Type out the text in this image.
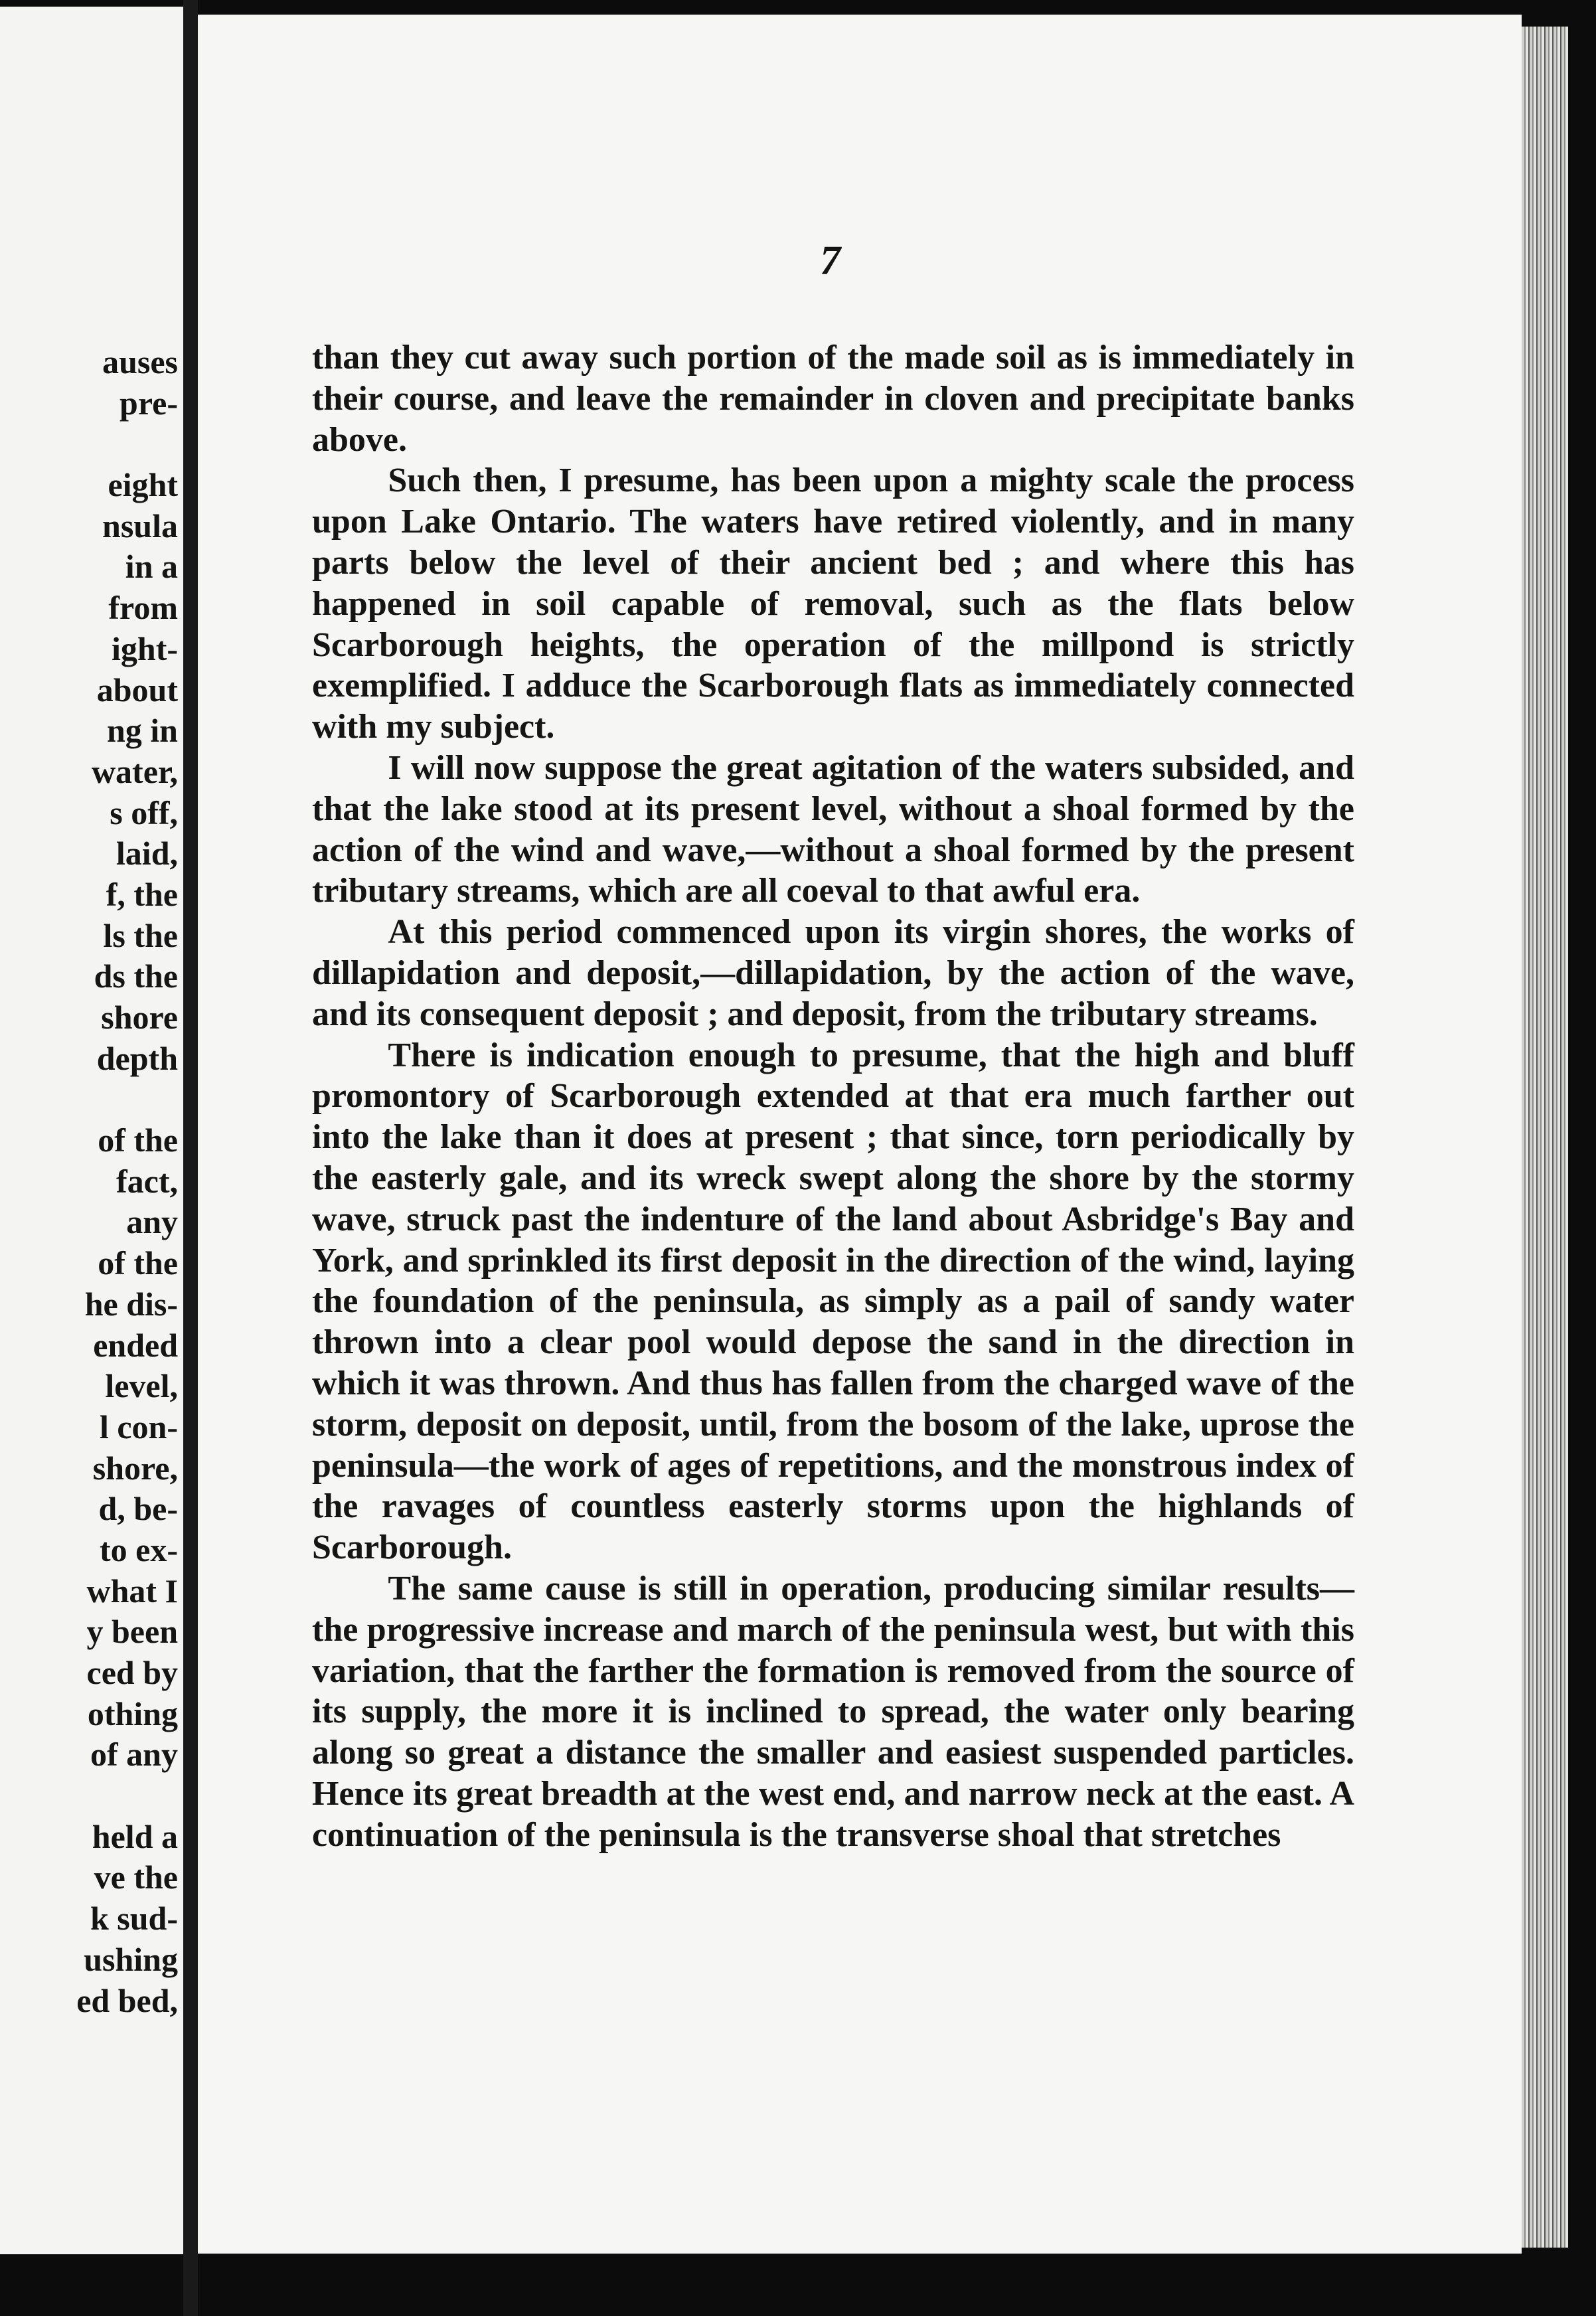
auses
pre-
eight
nsula
in a
from
ight-
about
ng in
water,
s off,
laid,
f, the
ls the
ds the
shore
depth
of the
fact,
any
of the
he dis-
ended
level,
l con-
shore,
d, be-
to ex-
what I
y been
ced by
othing
of any
held a
ve the
k sud-
ushing
ed bed,
7

than they cut away such portion of the made soil as is immediately in their course, and leave the remainder in cloven and precipitate banks above.

Such then, I presume, has been upon a mighty scale the process upon Lake Ontario. The waters have retired violently, and in many parts below the level of their ancient bed ; and where this has happened in soil capable of removal, such as the flats below Scarborough heights, the operation of the millpond is strictly exemplified. I adduce the Scarborough flats as immediately connected with my subject.

I will now suppose the great agitation of the waters subsided, and that the lake stood at its present level, without a shoal formed by the action of the wind and wave,—without a shoal formed by the present tributary streams, which are all coeval to that awful era.

At this period commenced upon its virgin shores, the works of dillapidation and deposit,—dillapidation, by the action of the wave, and its consequent deposit ; and deposit, from the tributary streams.

There is indication enough to presume, that the high and bluff promontory of Scarborough extended at that era much farther out into the lake than it does at present ; that since, torn periodically by the easterly gale, and its wreck swept along the shore by the stormy wave, struck past the indenture of the land about Asbridge's Bay and York, and sprinkled its first deposit in the direction of the wind, laying the foundation of the peninsula, as simply as a pail of sandy water thrown into a clear pool would depose the sand in the direction in which it was thrown. And thus has fallen from the charged wave of the storm, deposit on deposit, until, from the bosom of the lake, uprose the peninsula—the work of ages of repetitions, and the monstrous index of the ravages of countless easterly storms upon the highlands of Scarborough.

The same cause is still in operation, producing similar results—the progressive increase and march of the peninsula west, but with this variation, that the farther the formation is removed from the source of its supply, the more it is inclined to spread, the water only bearing along so great a distance the smaller and easiest suspended particles. Hence its great breadth at the west end, and narrow neck at the east. A continuation of the peninsula is the transverse shoal that stretches
